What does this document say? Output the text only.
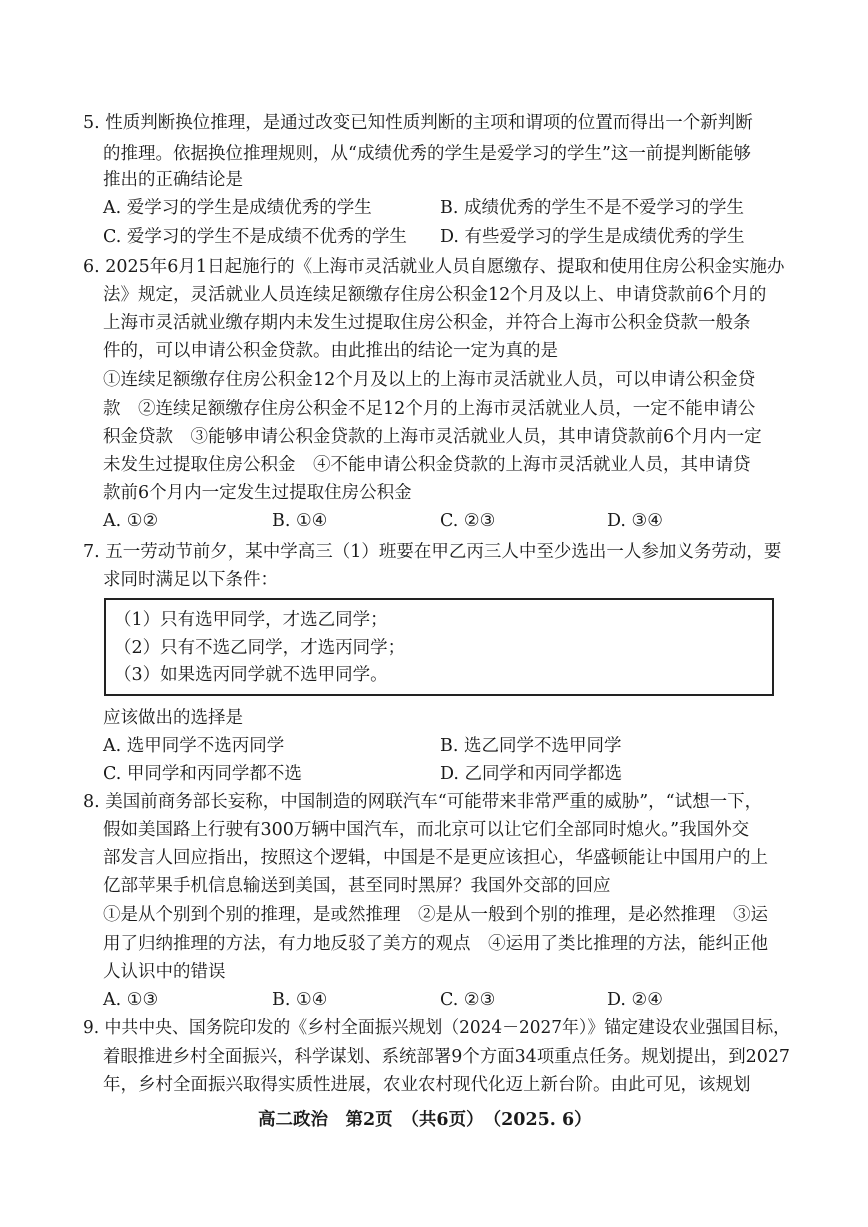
5. 性质判断换位推理，是通过改变已知性质判断的主项和谓项的位置而得出一个新判断
的推理。依据换位推理规则，从“成绩优秀的学生是爱学习的学生”这一前提判断能够
推出的正确结论是
A. 爱学习的学生是成绩优秀的学生	B. 成绩优秀的学生不是不爱学习的学生
C. 爱学习的学生不是成绩不优秀的学生 D. 有些爱学习的学生是成绩优秀的学生
6. 2025年6月1日起施行的《上海市灵活就业人员自愿缴存、提取和使用住房公积金实施办
法》规定，灵活就业人员连续足额缴存住房公积金12个月及以上、申请贷款前6个月的
上海市灵活就业缴存期内未发生过提取住房公积金，并符合上海市公积金贷款一般条
件的，可以申请公积金贷款。由此推出的结论一定为真的是
①连续足额缴存住房公积金12个月及以上的上海市灵活就业人员，可以申请公积金贷
款　②连续足额缴存住房公积金不足12个月的上海市灵活就业人员，一定不能申请公
积金贷款　③能够申请公积金贷款的上海市灵活就业人员，其申请贷款前6个月内一定
未发生过提取住房公积金　④不能申请公积金贷款的上海市灵活就业人员，其申请贷
款前6个月内一定发生过提取住房公积金
A. ①②	B. ①④	C. ②③	D. ③④
7. 五一劳动节前夕，某中学高三（1）班要在甲乙丙三人中至少选出一人参加义务劳动，要
求同时满足以下条件：
（1）只有选甲同学，才选乙同学；
（2）只有不选乙同学，才选丙同学；
（3）如果选丙同学就不选甲同学。
应该做出的选择是
A. 选甲同学不选丙同学	B. 选乙同学不选甲同学
C. 甲同学和丙同学都不选	D. 乙同学和丙同学都选
8. 美国前商务部长妄称，中国制造的网联汽车“可能带来非常严重的威胁”，“试想一下，
假如美国路上行驶有300万辆中国汽车，而北京可以让它们全部同时熄火。”我国外交
部发言人回应指出，按照这个逻辑，中国是不是更应该担心，华盛顿能让中国用户的上
亿部苹果手机信息输送到美国，甚至同时黑屏？我国外交部的回应
①是从个别到个别的推理，是或然推理　②是从一般到个别的推理，是必然推理　③运
用了归纳推理的方法，有力地反驳了美方的观点　④运用了类比推理的方法，能纠正他
人认识中的错误
A. ①③	B. ①④	C. ②③	D. ②④
9. 中共中央、国务院印发的《乡村全面振兴规划（2024－2027年）》锚定建设农业强国目标，
着眼推进乡村全面振兴，科学谋划、系统部署9个方面34项重点任务。规划提出，到2027
年，乡村全面振兴取得实质性进展，农业农村现代化迈上新台阶。由此可见，该规划
高二政治　第2页　（共6页）　（2025. 6）
